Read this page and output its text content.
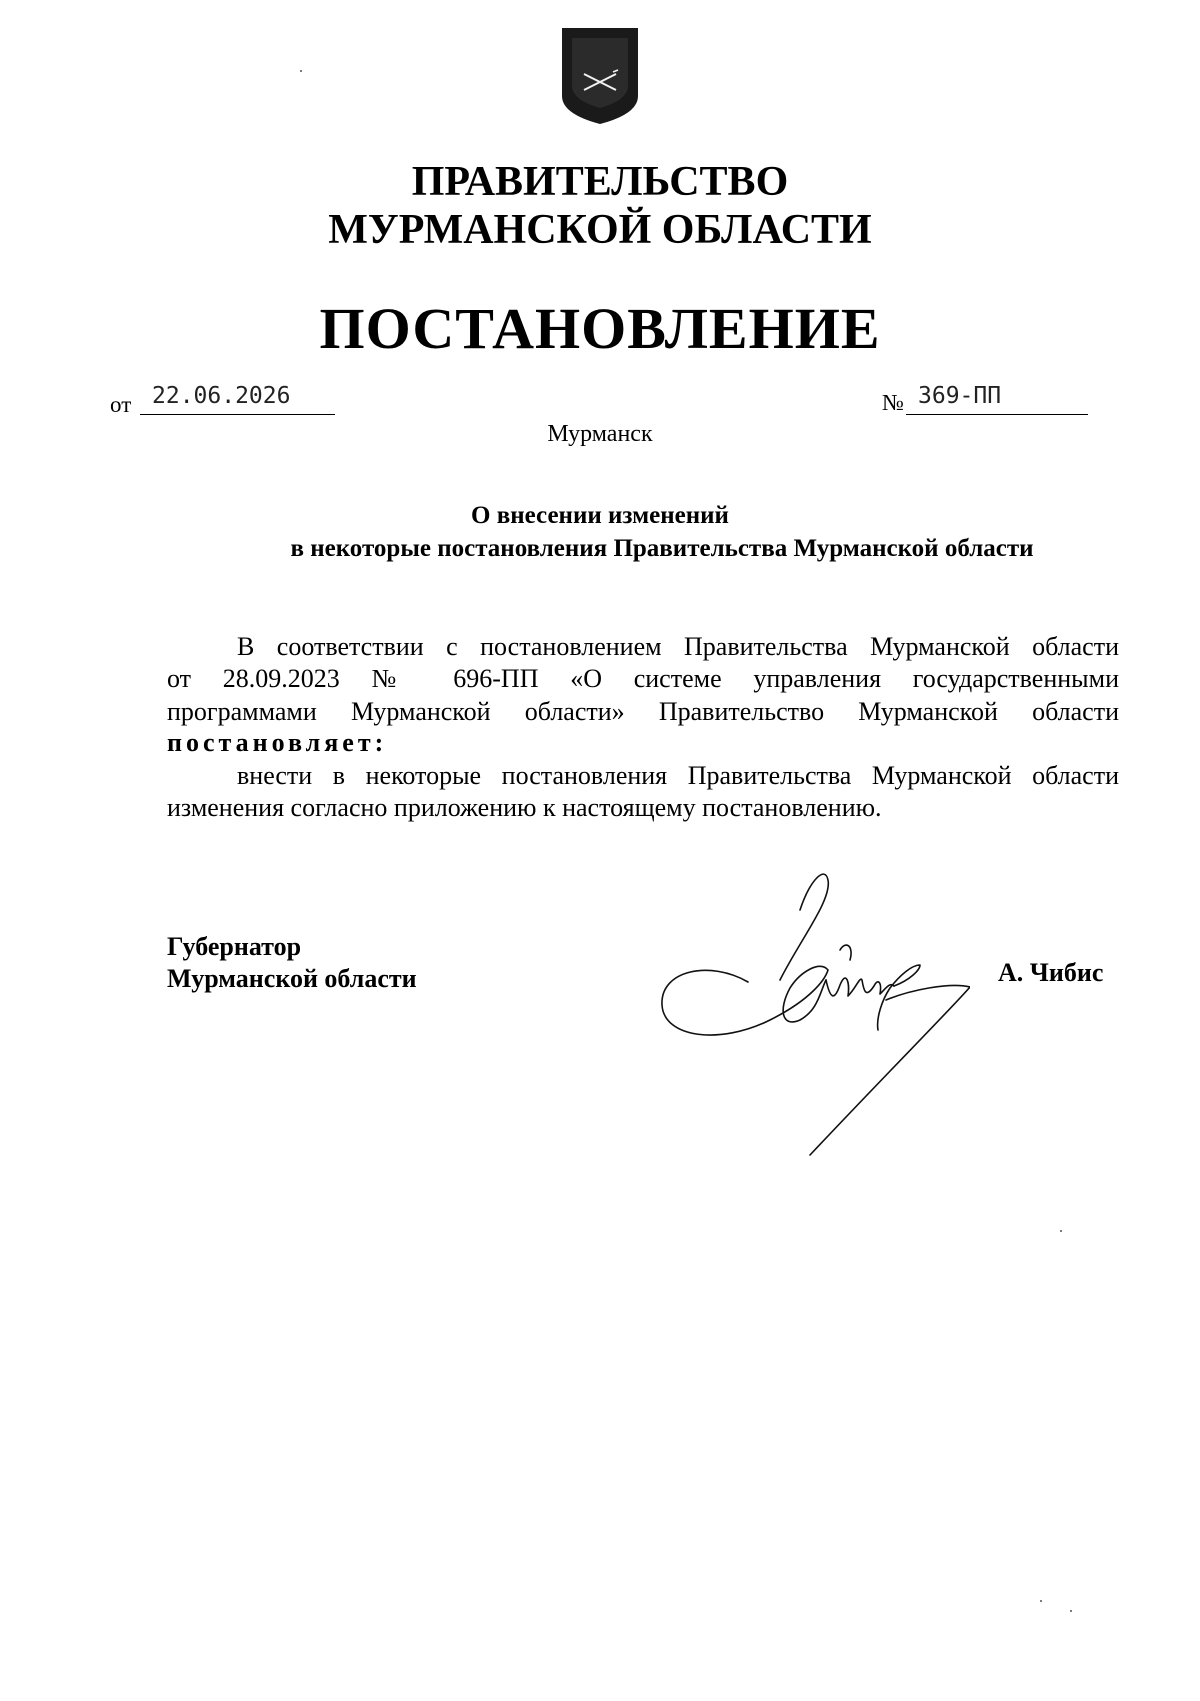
ПРАВИТЕЛЬСТВО
МУРМАНСКОЙ ОБЛАСТИ
ПОСТАНОВЛЕНИЕ
от 22.06.2026	№ 369-ПП
Мурманск
О внесении изменений
в некоторые постановления Правительства Мурманской области
В соответствии с постановлением Правительства Мурманской области
от 28.09.2023 № 696-ПП «О системе управления государственными
программами Мурманской области» Правительство Мурманской области
постановляет:
внести в некоторые постановления Правительства Мурманской области
изменения согласно приложению к настоящему постановлению.
Губернатор
Мурманской области	А. Чибис
